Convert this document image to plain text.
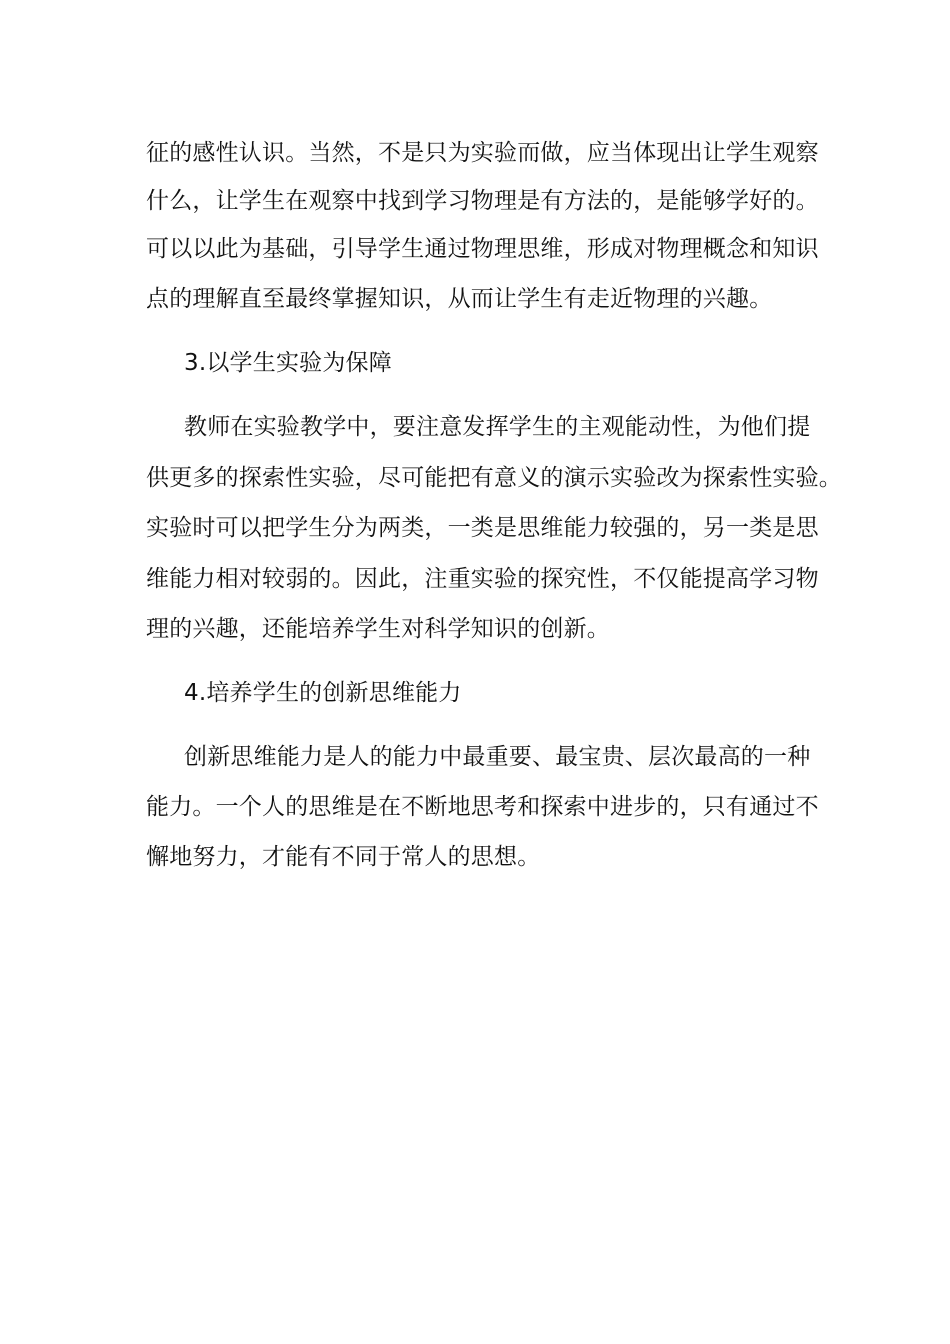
征的感性认识。当然，不是只为实验而做，应当体现出让学生观察
什么，让学生在观察中找到学习物理是有方法的，是能够学好的。
可以以此为基础，引导学生通过物理思维，形成对物理概念和知识
点的理解直至最终掌握知识，从而让学生有走近物理的兴趣。
3.以学生实验为保障
教师在实验教学中，要注意发挥学生的主观能动性，为他们提
供更多的探索性实验，尽可能把有意义的演示实验改为探索性实验。
实验时可以把学生分为两类，一类是思维能力较强的，另一类是思
维能力相对较弱的。因此，注重实验的探究性，不仅能提高学习物
理的兴趣，还能培养学生对科学知识的创新。
4.培养学生的创新思维能力
创新思维能力是人的能力中最重要、最宝贵、层次最高的一种
能力。一个人的思维是在不断地思考和探索中进步的，只有通过不
懈地努力，才能有不同于常人的思想。
